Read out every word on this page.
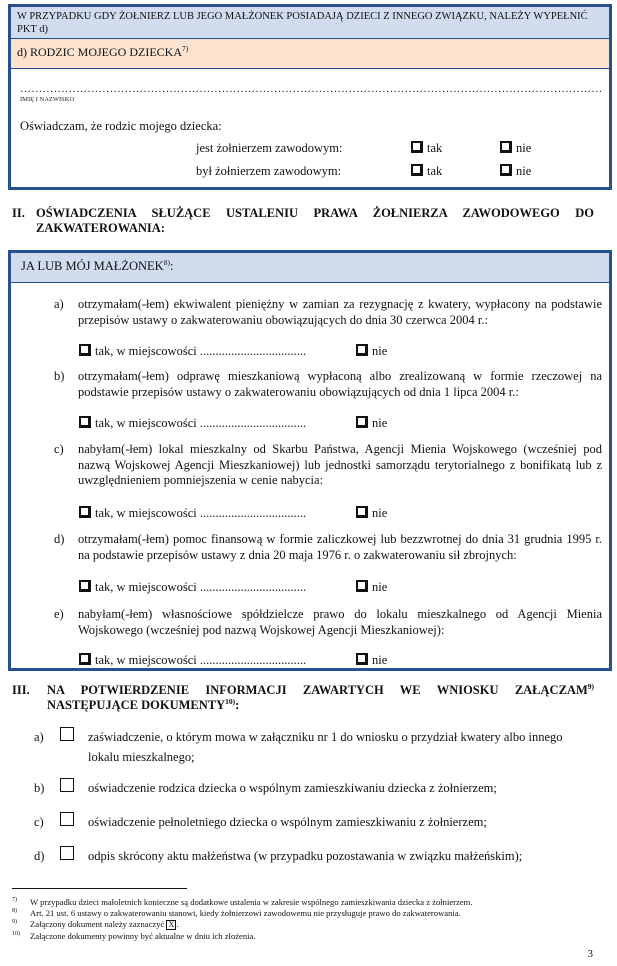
W PRZYPADKU GDY ŻOŁNIERZ LUB JEGO MAŁŻONEK POSIADAJĄ DZIECI Z INNEGO ZWIĄZKU, NALEŻY WYPEŁNIĆ PKT d)
d) RODZIC MOJEGO DZIECKA$^{7)}$
…………………………………………………………………………………………………………………………………………
IMIĘ I NAZWISKO
Oświadczam, że rodzic mojego dziecka:
jest żołnierzem zawodowym:	tak	nie
był żołnierzem zawodowym:	tak	nie
II. OŚWIADCZENIA SŁUŻĄCE USTALENIU PRAWA ŻOŁNIERZA ZAWODOWEGO DO
ZAKWATEROWANIA:
JA LUB MÓJ MAŁŻONEK$^{8)}$:
a) otrzymałam(-łem) ekwiwalent pieniężny w zamian za rezygnację z kwatery, wypłacony na podstawie przepisów ustawy o zakwaterowaniu obowiązujących do dnia 30 czerwca 2004 r.:
tak, w miejscowości ..................................	nie
b) otrzymałam(-łem) odprawę mieszkaniową wypłaconą albo zrealizowaną w formie rzeczowej na podstawie przepisów ustawy o zakwaterowaniu obowiązujących od dnia 1 lipca 2004 r.:
tak, w miejscowości ..................................	nie
c) nabyłam(-łem) lokal mieszkalny od Skarbu Państwa, Agencji Mienia Wojskowego (wcześniej pod nazwą Wojskowej Agencji Mieszkaniowej) lub jednostki samorządu terytorialnego z bonifikatą lub z uwzględnieniem pomniejszenia w cenie nabycia:
tak, w miejscowości ..................................	nie
d) otrzymałam(-łem) pomoc finansową w formie zaliczkowej lub bezzwrotnej do dnia 31 grudnia 1995 r. na podstawie przepisów ustawy z dnia 20 maja 1976 r. o zakwaterowaniu sił zbrojnych:
tak, w miejscowości ..................................	nie
e) nabyłam(-łem) własnościowe spółdzielcze prawo do lokalu mieszkalnego od Agencji Mienia Wojskowego (wcześniej pod nazwą Wojskowej Agencji Mieszkaniowej):
tak, w miejscowości ..................................	nie
III. NA POTWIERDZENIE INFORMACJI ZAWARTYCH WE WNIOSKU ZAŁĄCZAM$^{9)}$
NASTĘPUJĄCE DOKUMENTY$^{10)}$:
a)	zaświadczenie, o którym mowa w załączniku nr 1 do wniosku o przydział kwatery albo innego lokalu mieszkalnego;
b)	oświadczenie rodzica dziecka o wspólnym zamieszkiwaniu dziecka z żołnierzem;
c)	oświadczenie pełnoletniego dziecka o wspólnym zamieszkiwaniu z żołnierzem;
d)	odpis skrócony aktu małżeństwa (w przypadku pozostawania w związku małżeńskim);
$^{7)}$ W przypadku dzieci małoletnich konieczne są dodatkowe ustalenia w zakresie wspólnego zamieszkiwania dziecka z żołnierzem.
$^{8)}$ Art. 21 ust. 6 ustawy o zakwaterowaniu stanowi, kiedy żołnierzowi zawodowemu nie przysługuje prawo do zakwaterowania.
$^{9)}$ Załączony dokument należy zaznaczyć X .
$^{10)}$ Załączone dokumenty powinny być aktualne w dniu ich złożenia.
3
